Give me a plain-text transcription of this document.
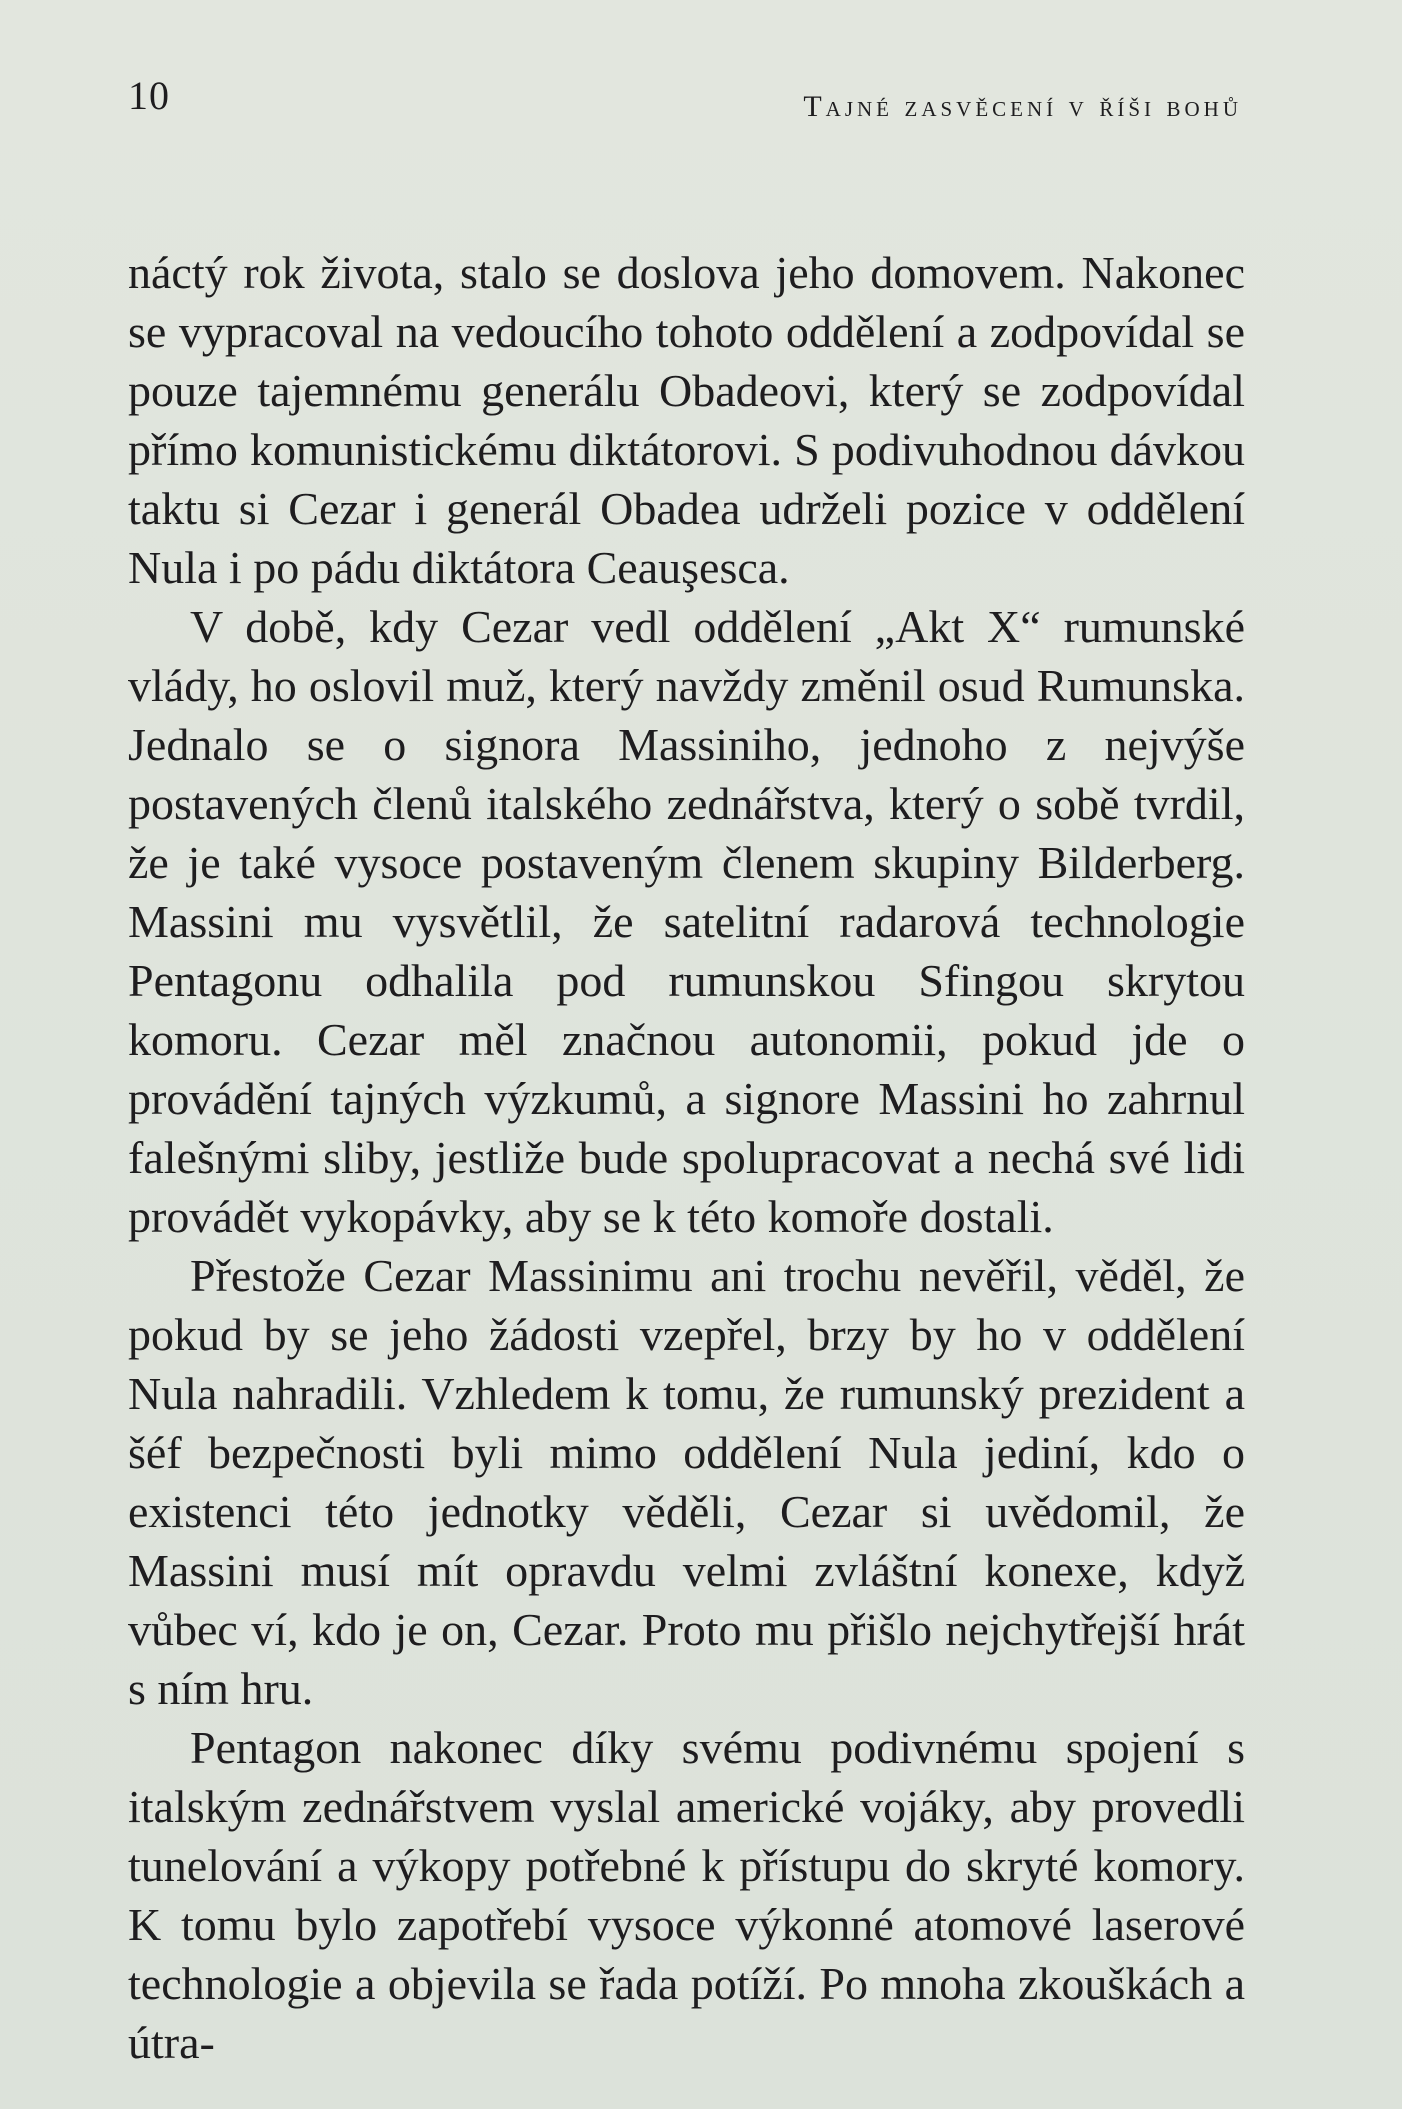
10	Tajné zasvěcení v říši bohů

náctý rok života, stalo se doslova jeho domovem. Nakonec se vypracoval na vedoucího tohoto oddělení a zodpovídal se pouze tajemnému generálu Obadeovi, který se zodpovídal přímo komunistickému diktátorovi. S podivuhodnou dávkou taktu si Cezar i generál Obadea udrželi pozice v oddělení Nula i po pádu diktátora Ceauşesca.

V době, kdy Cezar vedl oddělení „Akt X“ rumunské vlády, ho oslovil muž, který navždy změnil osud Rumunska. Jednalo se o signora Massiniho, jednoho z nejvýše postavených členů italského zednářstva, který o sobě tvrdil, že je také vysoce postaveným členem skupiny Bilderberg. Massini mu vysvětlil, že satelitní radarová technologie Pentagonu odhalila pod rumunskou Sfingou skrytou komoru. Cezar měl značnou autonomii, pokud jde o provádění tajných výzkumů, a signore Massini ho zahrnul falešnými sliby, jestliže bude spolupracovat a nechá své lidi provádět vykopávky, aby se k této komoře dostali.

Přestože Cezar Massinimu ani trochu nevěřil, věděl, že pokud by se jeho žádosti vzepřel, brzy by ho v oddělení Nula nahradili. Vzhledem k tomu, že rumunský prezident a šéf bezpečnosti byli mimo oddělení Nula jediní, kdo o existenci této jednotky věděli, Cezar si uvědomil, že Massini musí mít opravdu velmi zvláštní konexe, když vůbec ví, kdo je on, Cezar. Proto mu přišlo nejchytřejší hrát s ním hru.

Pentagon nakonec díky svému podivnému spojení s italským zednářstvem vyslal americké vojáky, aby provedli tunelování a výkopy potřebné k přístupu do skryté komory. K tomu bylo zapotřebí vysoce výkonné atomové laserové technologie a objevila se řada potíží. Po mnoha zkouškách a útra-
